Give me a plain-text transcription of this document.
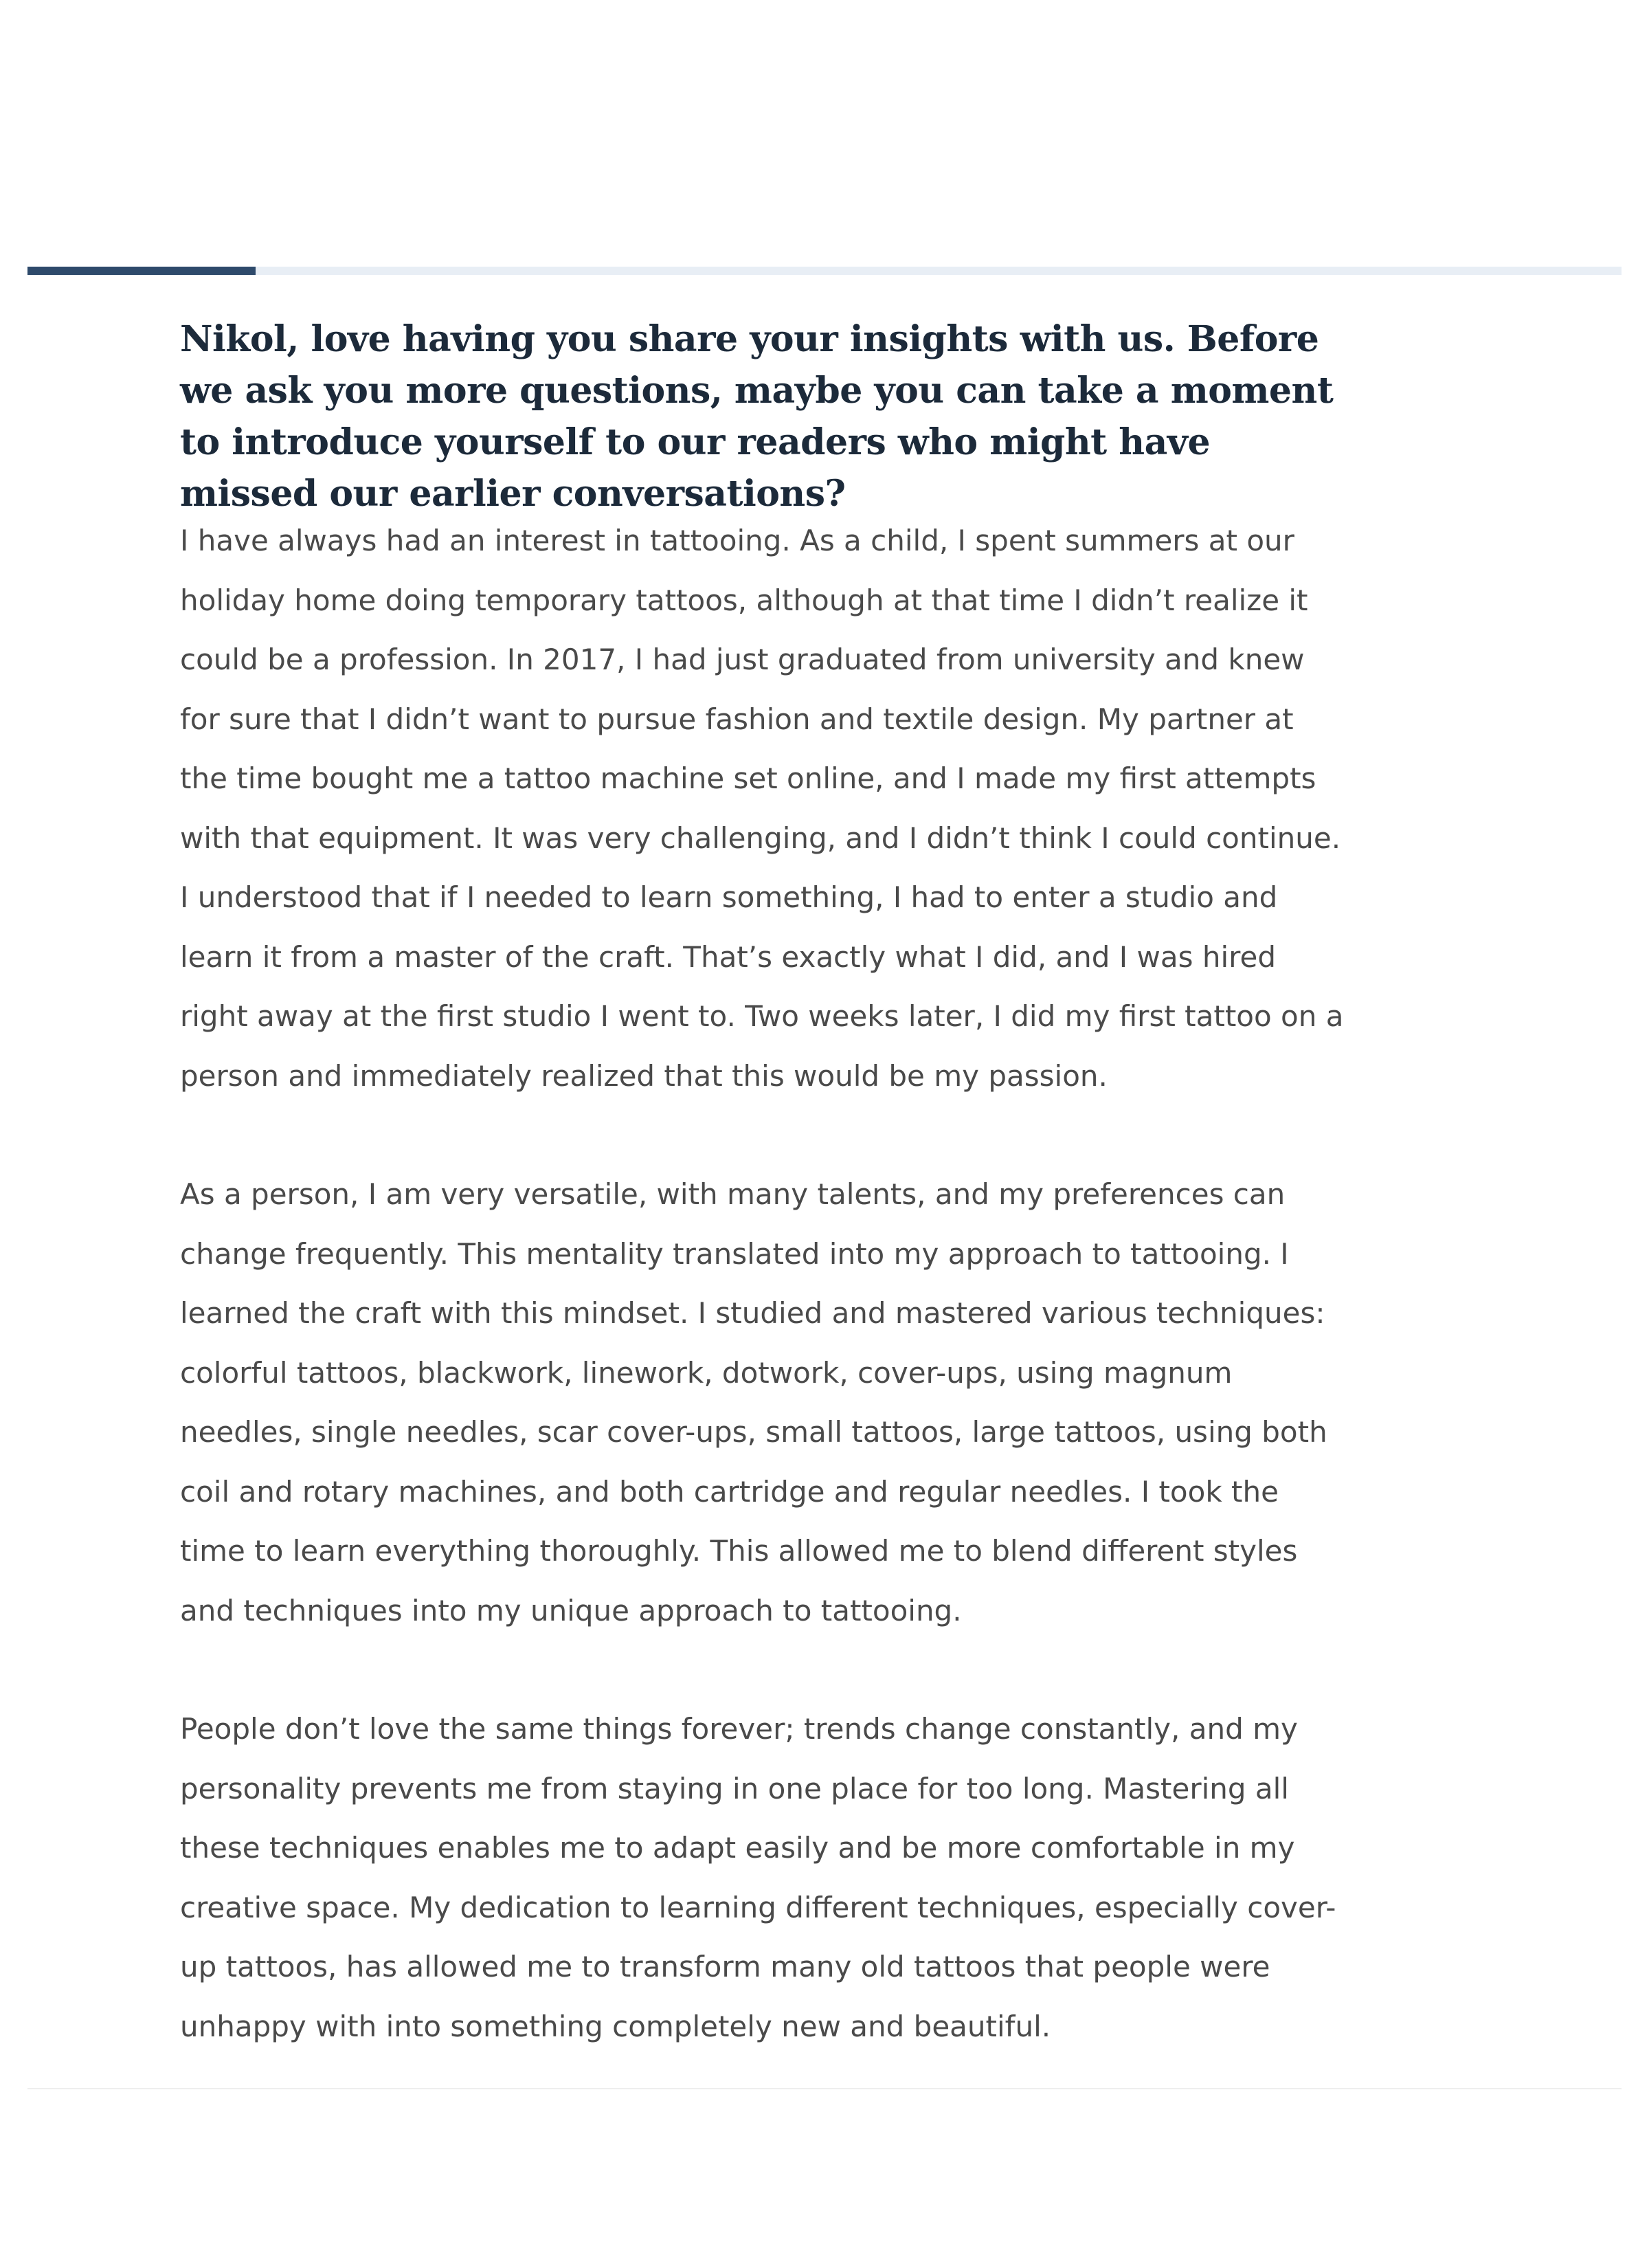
Nikol, love having you share your insights with us. Before we ask you more questions, maybe you can take a moment to introduce yourself to our readers who might have missed our earlier conversations?

I have always had an interest in tattooing. As a child, I spent summers at our holiday home doing temporary tattoos, although at that time I didn’t realize it could be a profession. In 2017, I had just graduated from university and knew for sure that I didn’t want to pursue fashion and textile design. My partner at the time bought me a tattoo machine set online, and I made my first attempts with that equipment. It was very challenging, and I didn’t think I could continue. I understood that if I needed to learn something, I had to enter a studio and learn it from a master of the craft. That’s exactly what I did, and I was hired right away at the first studio I went to. Two weeks later, I did my first tattoo on a person and immediately realized that this would be my passion.

As a person, I am very versatile, with many talents, and my preferences can change frequently. This mentality translated into my approach to tattooing. I learned the craft with this mindset. I studied and mastered various techniques: colorful tattoos, blackwork, linework, dotwork, cover-ups, using magnum needles, single needles, scar cover-ups, small tattoos, large tattoos, using both coil and rotary machines, and both cartridge and regular needles. I took the time to learn everything thoroughly. This allowed me to blend different styles and techniques into my unique approach to tattooing.

People don’t love the same things forever; trends change constantly, and my personality prevents me from staying in one place for too long. Mastering all these techniques enables me to adapt easily and be more comfortable in my creative space. My dedication to learning different techniques, especially cover-up tattoos, has allowed me to transform many old tattoos that people were unhappy with into something completely new and beautiful.
